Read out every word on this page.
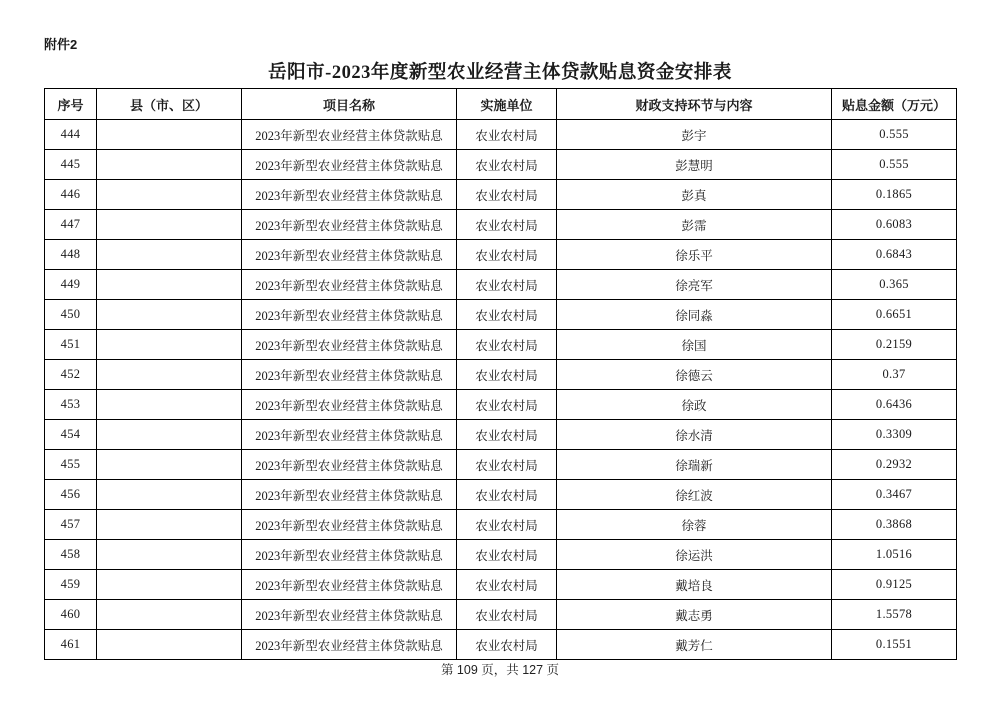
附件2
岳阳市-2023年度新型农业经营主体贷款贴息资金安排表
序号	县（市、区）	项目名称	实施单位	财政支持环节与内容	贴息金额（万元）
444		2023年新型农业经营主体贷款贴息	农业农村局	彭宇	0.555
445		2023年新型农业经营主体贷款贴息	农业农村局	彭慧明	0.555
446		2023年新型农业经营主体贷款贴息	农业农村局	彭真	0.1865
447		2023年新型农业经营主体贷款贴息	农业农村局	彭霈	0.6083
448		2023年新型农业经营主体贷款贴息	农业农村局	徐乐平	0.6843
449		2023年新型农业经营主体贷款贴息	农业农村局	徐亮军	0.365
450		2023年新型农业经营主体贷款贴息	农业农村局	徐同淼	0.6651
451		2023年新型农业经营主体贷款贴息	农业农村局	徐国	0.2159
452		2023年新型农业经营主体贷款贴息	农业农村局	徐德云	0.37
453		2023年新型农业经营主体贷款贴息	农业农村局	徐政	0.6436
454		2023年新型农业经营主体贷款贴息	农业农村局	徐水清	0.3309
455		2023年新型农业经营主体贷款贴息	农业农村局	徐瑞新	0.2932
456		2023年新型农业经营主体贷款贴息	农业农村局	徐红波	0.3467
457		2023年新型农业经营主体贷款贴息	农业农村局	徐蓉	0.3868
458		2023年新型农业经营主体贷款贴息	农业农村局	徐运洪	1.0516
459		2023年新型农业经营主体贷款贴息	农业农村局	戴培良	0.9125
460		2023年新型农业经营主体贷款贴息	农业农村局	戴志勇	1.5578
461		2023年新型农业经营主体贷款贴息	农业农村局	戴芳仁	0.1551
第 109 页，共 127 页
